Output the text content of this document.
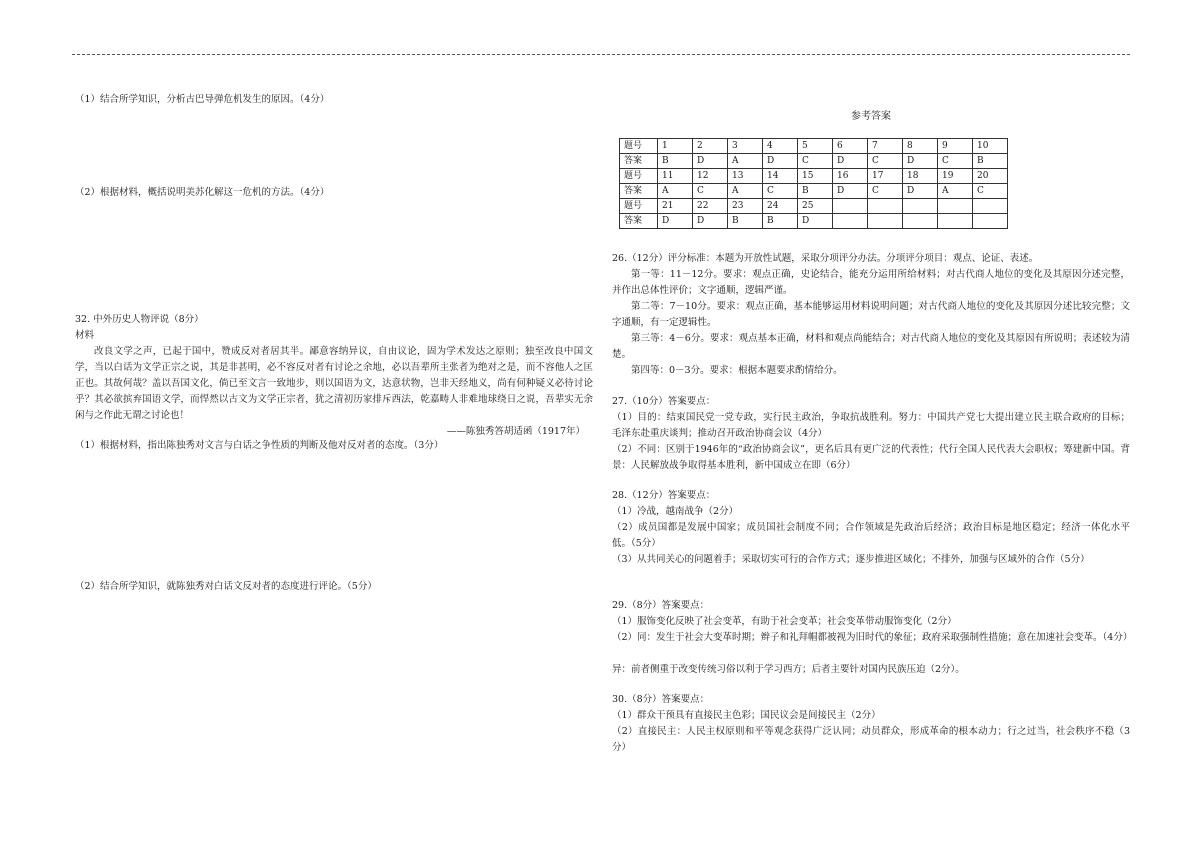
（1）结合所学知识，分析古巴导弹危机发生的原因。（4分）
（2）根据材料，概括说明美苏化解这一危机的方法。（4分）
32. 中外历史人物评说（8分）
材料
改良文学之声，已起于国中，赞成反对者居其半。鄙意容纳异议，自由议论，固为学术发达之原则；独至改良中国文学，当以白话为文学正宗之说，其是非甚明，必不容反对者有讨论之余地，必以吾辈所主张者为绝对之是，而不容他人之匡正也。其故何哉？盖以吾国文化，倘已至文言一致地步，则以国语为文，达意状物，岂非天经地义，尚有何种疑义必待讨论乎？其必欲摈弃国语文学，而悍然以古文为文学正宗者，犹之清初历家排斥西法，乾嘉畴人非难地球绕日之说，吾辈实无余闲与之作此无谓之讨论也！
——陈独秀答胡适函（1917年）
（1）根据材料，指出陈独秀对文言与白话之争性质的判断及他对反对者的态度。（3分）
（2）结合所学知识，就陈独秀对白话文反对者的态度进行评论。（5分）
参考答案
题号	1	2	3	4	5	6	7	8	9	10
答案	B	D	A	D	C	D	C	D	C	B
题号	11	12	13	14	15	16	17	18	19	20
答案	A	C	A	C	B	D	C	D	A	C
题号	21	22	23	24	25					
答案	D	D	B	B	D					
26.（12分）评分标准：本题为开放性试题，采取分项评分办法。分项评分项目：观点、论证、表述。
第一等：11－12分。要求：观点正确，史论结合，能充分运用所给材料；对古代商人地位的变化及其原因分述完整，并作出总体性评价；文字通顺，逻辑严谨。
第二等：7－10分。要求：观点正确，基本能够运用材料说明问题；对古代商人地位的变化及其原因分述比较完整；文字通顺，有一定逻辑性。
第三等：4－6分。要求：观点基本正确，材料和观点尚能结合；对古代商人地位的变化及其原因有所说明；表述较为清楚。
第四等：0－3分。要求：根据本题要求酌情给分。
27.（10分）答案要点：
（1）目的：结束国民党一党专政，实行民主政治，争取抗战胜利。努力：中国共产党七大提出建立民主联合政府的目标；毛泽东赴重庆谈判；推动召开政治协商会议（4分）
（2）不同：区别于1946年的“政治协商会议”，更名后具有更广泛的代表性；代行全国人民代表大会职权；筹建新中国。背景：人民解放战争取得基本胜利，新中国成立在即（6分）
28.（12分）答案要点：
（1）冷战，越南战争（2分）
（2）成员国都是发展中国家；成员国社会制度不同；合作领域是先政治后经济；政治目标是地区稳定；经济一体化水平低。（5分）
（3）从共同关心的问题着手；采取切实可行的合作方式；逐步推进区域化；不排外，加强与区域外的合作（5分）
29.（8分）答案要点：
（1）服饰变化反映了社会变革，有助于社会变革；社会变革带动服饰变化（2分）
（2）同：发生于社会大变革时期；辫子和礼拜帽都被视为旧时代的象征；政府采取强制性措施；意在加速社会变革。（4分）
异：前者侧重于改变传统习俗以利于学习西方；后者主要针对国内民族压迫（2分）。
30.（8分）答案要点：
（1）群众干预具有直接民主色彩；国民议会是间接民主（2分）
（2）直接民主：人民主权原则和平等观念获得广泛认同；动员群众，形成革命的根本动力；行之过当，社会秩序不稳（3分）
